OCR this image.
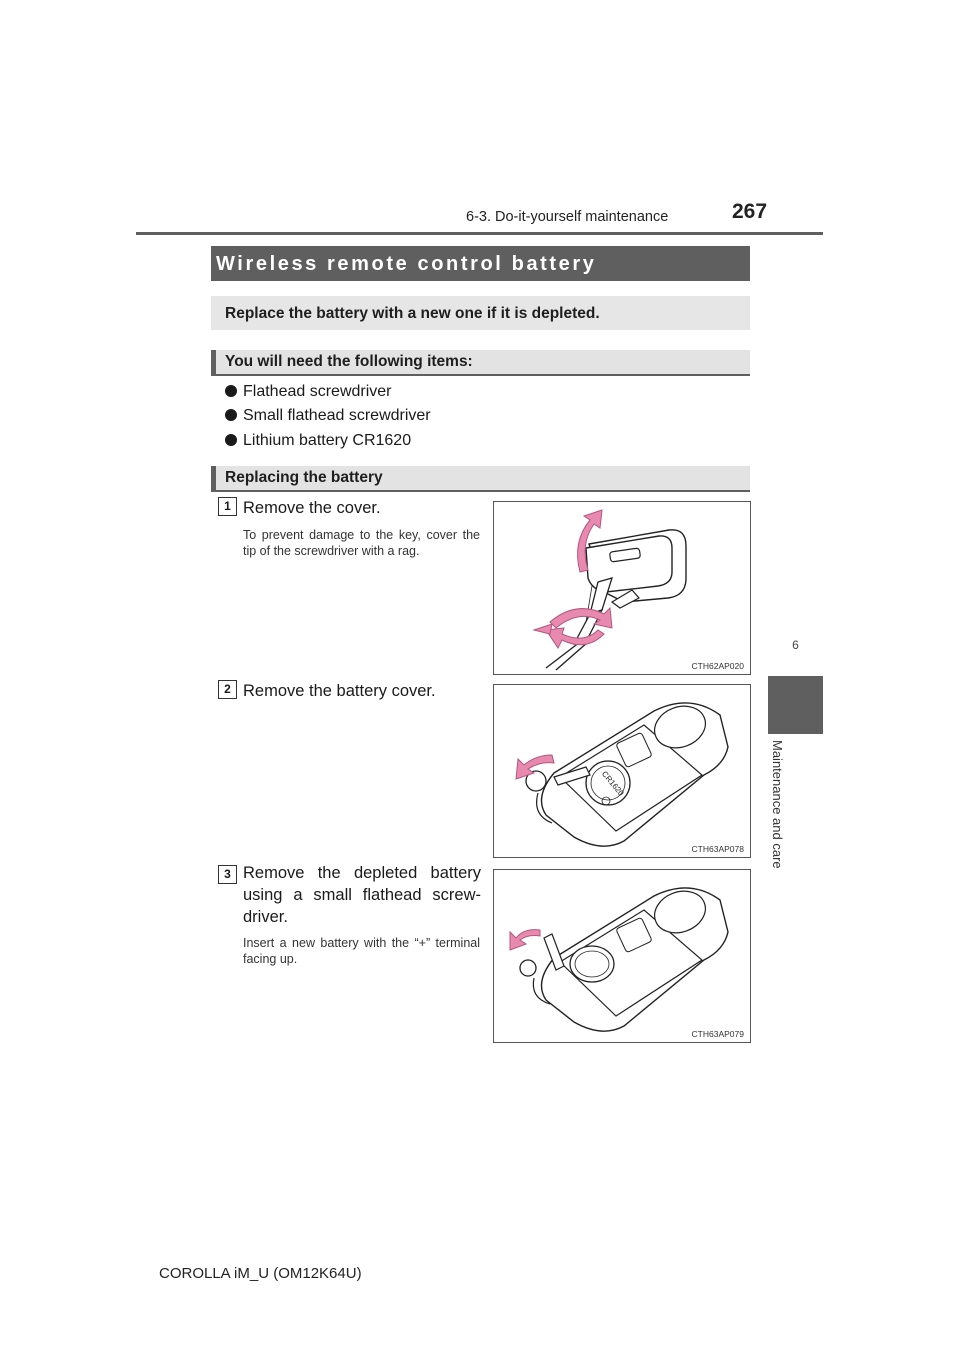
6-3. Do-it-yourself maintenance	267
6
Maintenance and care
Wireless remote control battery
Replace the battery with a new one if it is depleted.
You will need the following items:
Flathead screwdriver
Small flathead screwdriver
Lithium battery CR1620
Replacing the battery
1 Remove the cover.
To prevent damage to the key, cover the tip of the screwdriver with a rag.
CTH62AP020
2 Remove the battery cover.
CR1620
CTH63AP078
3 Remove the depleted battery using a small flathead screw-driver.
Insert a new battery with the “+” terminal facing up.
CTH63AP079
COROLLA iM_U (OM12K64U)
